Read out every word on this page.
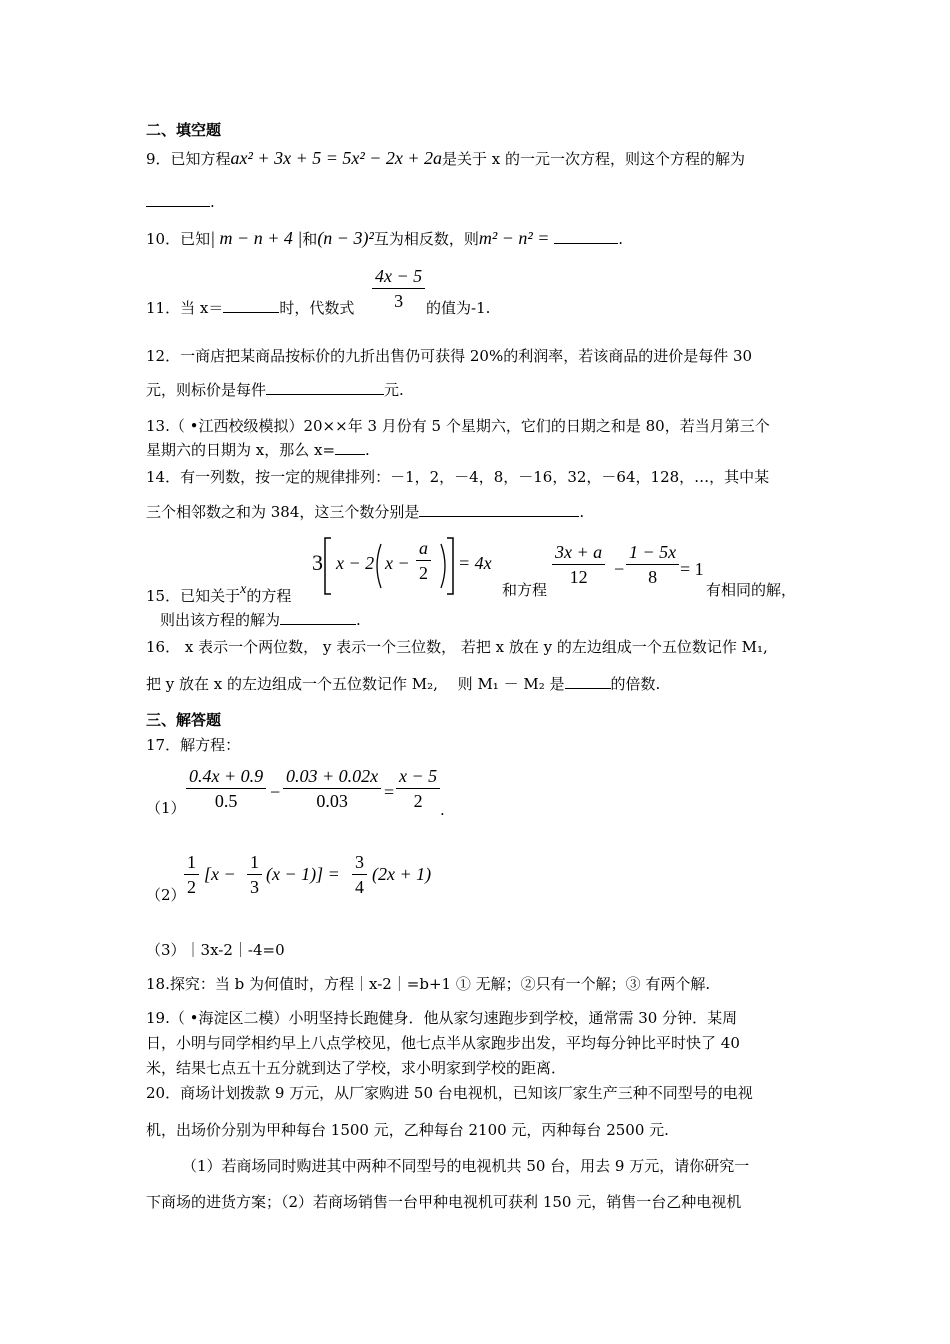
二、填空题
9．已知方程ax² + 3x + 5 = 5x² − 2x + 2a是关于 x 的一元一次方程，则这个方程的解为
.
10．已知| m − n + 4 |和(n − 3)²互为相反数，则m² − n² =	.
11．当 x＝	时，代数式 $\frac{4x - 5}{3}$ 的值为-1.
12．一商店把某商品按标价的九折出售仍可获得 20%的利润率，若该商品的进价是每件 30
元，则标价是每件	元.
13.（ •江西校级模拟）20××年 3 月份有 5 个星期六，它们的日期之和是 80，若当月第三个
星期六的日期为 x，那么 x= .
14．有一列数，按一定的规律排列：－1，2，－4，8，－16，32，－64，128，…，其中某
三个相邻数之和为 384，这三个数分别是	.
15．已知关于x的方程
3 x − 2 $x - \frac{a}{2} = 4x$
和方程
$\frac{3x + a}{12} - \frac{1 - 5x}{8} = 1$
有相同的解，
则出该方程的解为	.
16． x 表示一个两位数， y 表示一个三位数， 若把 x 放在 y 的左边组成一个五位数记作 M₁,
把 y 放在 x 的左边组成一个五位数记作 M₂,　 则 M₁ － M₂ 是	的倍数.
三、解答题
17．解方程：
$(1) \frac{0.4x + 0.9}{0.5} - \frac{0.03 + 0.02x}{0.03} = \frac{x - 5}{2}$ .
（2）
$\frac{1}{2} [x - \frac{1}{3} (x - 1)] = \frac{3}{4} (2x + 1)$
（3）｜3x-2｜-4=0
18.探究：当 b 为何值时，方程｜x-2｜=b+1 ① 无解；②只有一个解；③ 有两个解.
19.（ •海淀区二模）小明坚持长跑健身．他从家匀速跑步到学校，通常需 30 分钟．某周
日，小明与同学相约早上八点学校见，他七点半从家跑步出发，平均每分钟比平时快了 40
米，结果七点五十五分就到达了学校，求小明家到学校的距离．
20．商场计划拨款 9 万元，从厂家购进 50 台电视机，已知该厂家生产三种不同型号的电视
机，出场价分别为甲种每台 1500 元，乙种每台 2100 元，丙种每台 2500 元.
（1）若商场同时购进其中两种不同型号的电视机共 50 台，用去 9 万元，请你研究一
下商场的进货方案；（2）若商场销售一台甲种电视机可获利 150 元，销售一台乙种电视机
